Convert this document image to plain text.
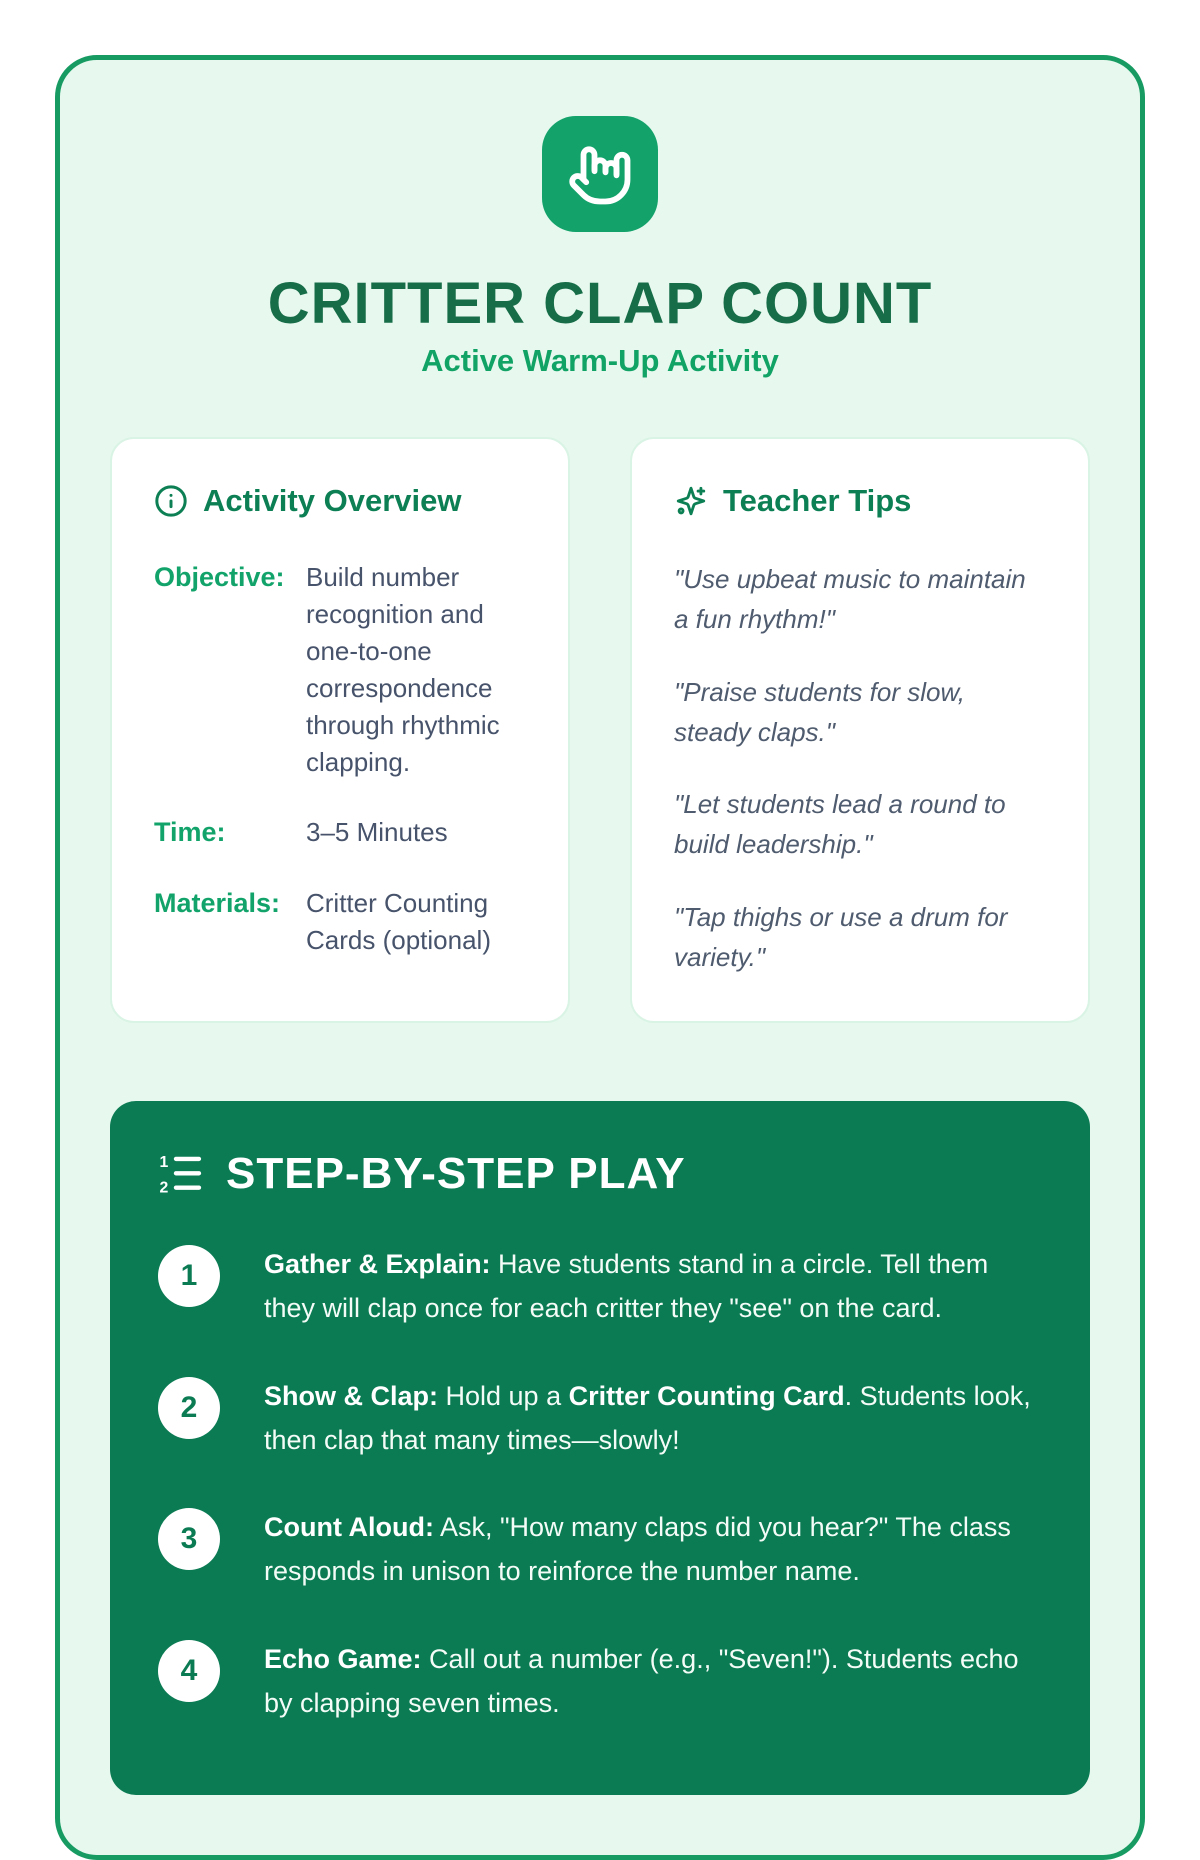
CRITTER CLAP COUNT
Active Warm-Up Activity
Activity Overview
Objective: Build number recognition and one-to-one correspondence through rhythmic clapping.
Time:	3–5 Minutes
Materials: Critter Counting Cards (optional)
Teacher Tips

"Use upbeat music to maintain a fun rhythm!"

"Praise students for slow, steady claps."

"Let students lead a round to build leadership."

"Tap thighs or use a drum for variety."

1
2 STEP-BY-STEP PLAY
1	Gather & Explain: Have students stand in a circle. Tell them they will clap once for each critter they "see" on the card.

2	Show & Clap: Hold up a Critter Counting Card. Students look, then clap that many times—slowly!

3	Count Aloud: Ask, "How many claps did you hear?" The class responds in unison to reinforce the number name.

4	Echo Game: Call out a number (e.g., "Seven!"). Students echo by clapping seven times.
